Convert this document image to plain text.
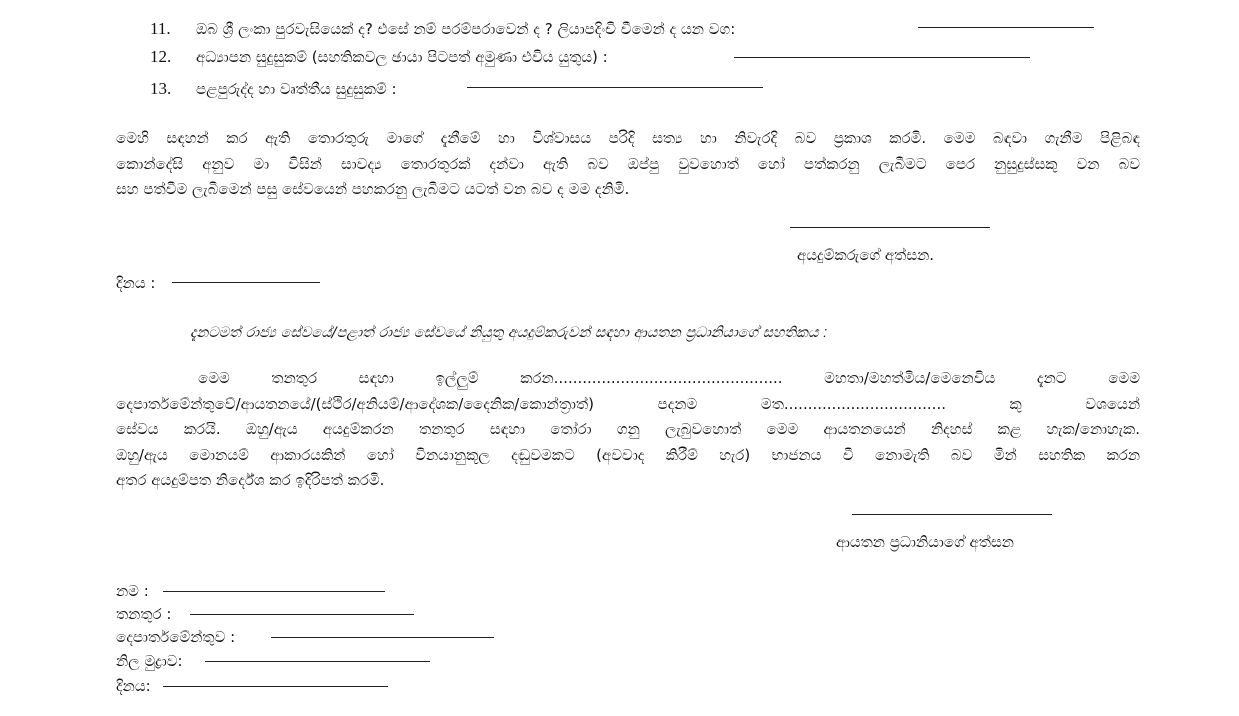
11. ඔබ ශ්‍රී ලංකා පුරවැසියෙක් ද? එසේ නම් පරම්පරාවෙන් ද ? ලියාපදිංචි වීමෙන් ද යන වග:
12. අධ්‍යාපන සුදුසුකම් (සහතිකවල ඡායා පිටපත් අමුණා එවිය යුතුය) :
13. පළපුරුද්ද හා වෘත්තීය සුදුසුකම් :
මෙහි සඳහන් කර ඇති තොරතුරු මාගේ දැනීමේ හා විශ්වාසය පරිදි සත්‍ය හා නිවැරදි බව ප්‍රකාශ කරමි. මෙම බඳවා ගැනීම පිළිබඳ
කොන්දේසි අනුව මා විසින් සාවද්‍ය තොරතුරක් දන්වා ඇති බව ඔප්පු වුවහොත් හෝ පත්කරනු ලැබීමට පෙර නුසුදුස්සකු වන බව
සහ පත්වීම ලැබීමෙන් පසු සේවයෙන් පහකරනු ලැබීමට යටත් වන බව ද මම දනිමි.
අයදුම්කරුගේ අත්සන.
දිනය :
දැනටමත් රාජ්‍ය සේවයේ/පළාත් රාජ්‍ය සේවයේ නියුතු අයදුම්කරුවන් සඳහා ආයතන ප්‍රධානියාගේ සහතිකය ׃
මෙම තනතුර සඳහා ඉල්ලුම් කරන................................................ මහතා/මහත්මිය/මෙනෙවිය දැනට මෙම
දෙපාර්තමේන්තුවේ/ආයතනයේ/(ස්ථිර/අනියම්/ආදේශක/දෛනික/කොන්ත්‍රාත්) පදනම මත.................................. කු වශයෙන්
සේවය කරයි. ඔහු/ඇය අයදුම්කරන තනතුර සඳහා තෝරා ගනු ලැබුවහොත් මෙම ආයතනයෙන් නිදහස් කළ හැක/නොහැක.
ඔහු/ඇය මොනයම් ආකාරයකින් හෝ විනයානුකූල දඬුවමකට (අවවාද කිරීම් හැර) භාජනය වී නොමැති බව මින් සහතික කරන
අතර අයදුම්පත නිර්දේශ කර ඉදිරිපත් කරමි.
ආයතන ප්‍රධානියාගේ අත්සන
නම :
තනතුර :
දෙපාර්තමේන්තුව :
නිල මුද්‍රාව:
දිනය:
